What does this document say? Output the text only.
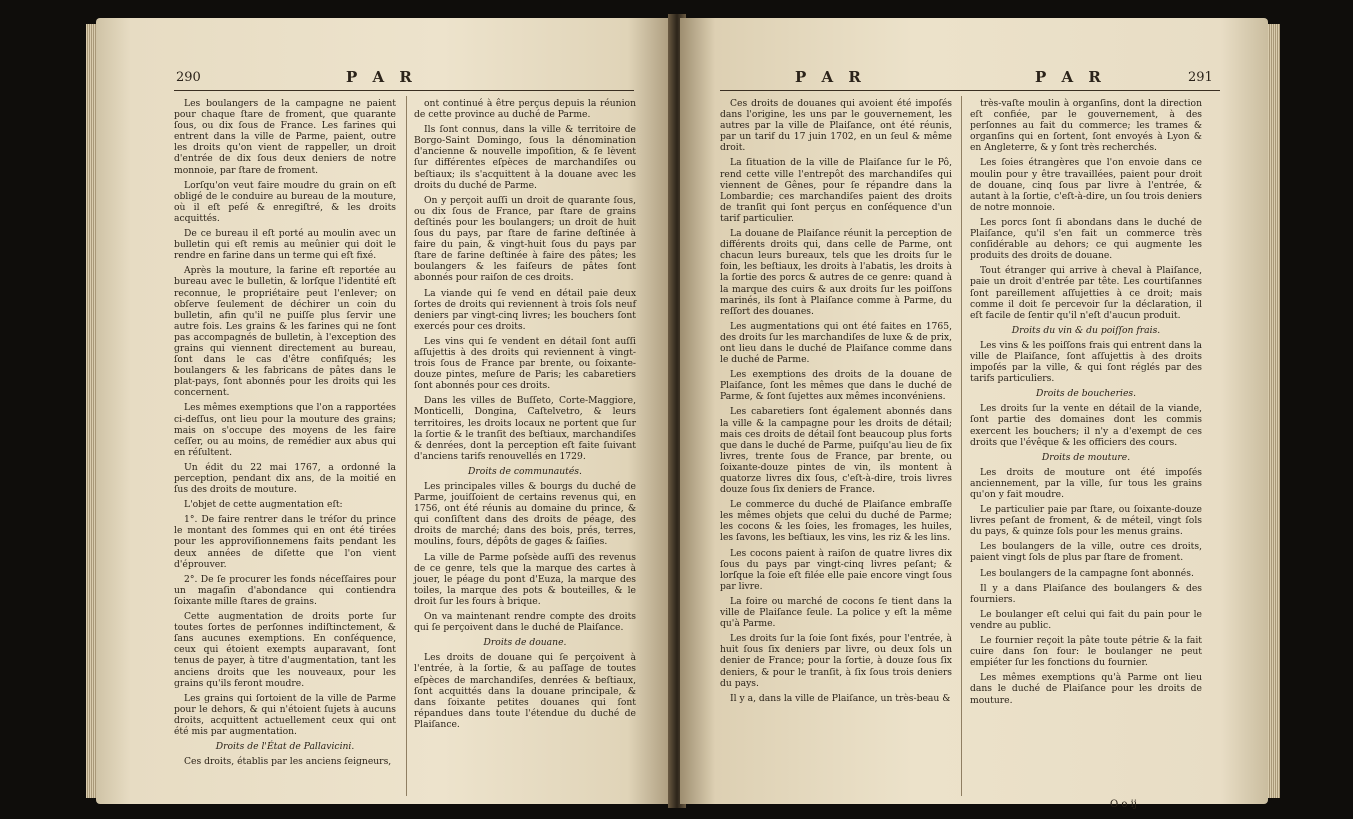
290	P A R

Les boulangers de la campagne ne paient pour chaque ſtare de froment, que quarante ſous, ou dix ſous de France. Les farines qui entrent dans la ville de Parme, paient, outre les droits qu'on vient de rappeller, un droit d'entrée de dix ſous deux deniers de notre monnoie, par ſtare de froment.

Lorſqu'on veut faire moudre du grain on eſt obligé de le conduire au bureau de la mouture, où il eſt peſé & enregiſtré, & les droits acquittés.

De ce bureau il eſt porté au moulin avec un bulletin qui eſt remis au meûnier qui doit le rendre en farine dans un terme qui eſt fixé.

Après la mouture, la farine eſt reportée au bureau avec le bulletin, & lorſque l'identité eſt reconnue, le propriétaire peut l'enlever; on obſerve ſeulement de déchirer un coin du bulletin, afin qu'il ne puiſſe plus ſervir une autre fois. Les grains & les farines qui ne ſont pas accompagnés de bulletin, à l'exception des grains qui viennent directement au bureau, ſont dans le cas d'être confiſqués; les boulangers & les fabricans de pâtes dans le plat-pays, ſont abonnés pour les droits qui les concernent.

Les mêmes exemptions que l'on a rapportées ci-deſſus, ont lieu pour la mouture des grains; mais on s'occupe des moyens de les faire ceſſer, ou au moins, de remédier aux abus qui en réſultent.

Un édit du 22 mai 1767, a ordonné la perception, pendant dix ans, de la moitié en ſus des droits de mouture.

L'objet de cette augmentation eſt:

1°. De faire rentrer dans le tréſor du prince le montant des ſommes qui en ont été tirées pour les approviſionnemens faits pendant les deux années de diſette que l'on vient d'éprouver.

2°. De ſe procurer les fonds néceſſaires pour un magaſin d'abondance qui contiendra ſoixante mille ſtares de grains.

Cette augmentation de droits porte ſur toutes ſortes de perſonnes indiſtinctement, & ſans aucunes exemptions. En conſéquence, ceux qui étoient exempts auparavant, ſont tenus de payer, à titre d'augmentation, tant les anciens droits que les nouveaux, pour les grains qu'ils feront moudre.

Les grains qui ſortoient de la ville de Parme pour le dehors, & qui n'étoient ſujets à aucuns droits, acquittent actuellement ceux qui ont été mis par augmentation.

Droits de l'État de Pallavicini.

Ces droits, établis par les anciens ſeigneurs,

ont continué à être perçus depuis la réunion de cette province au duché de Parme.

Ils ſont connus, dans la ville & territoire de Borgo-Saint Domingo, ſous la dénomination d'ancienne & nouvelle impoſition, & ſe lèvent ſur différentes eſpèces de marchandiſes ou beſtiaux; ils s'acquittent à la douane avec les droits du duché de Parme.

On y perçoit auſſi un droit de quarante ſous, ou dix ſous de France, par ſtare de grains deſtinés pour les boulangers; un droit de huit ſous du pays, par ſtare de farine deſtinée à faire du pain, & vingt-huit ſous du pays par ſtare de farine deſtinée à faire des pâtes; les boulangers & les faiſeurs de pâtes ſont abonnés pour raiſon de ces droits.

La viande qui ſe vend en détail paie deux ſortes de droits qui reviennent à trois ſols neuf deniers par vingt-cinq livres; les bouchers ſont exercés pour ces droits.

Les vins qui ſe vendent en détail ſont auſſi aſſujettis à des droits qui reviennent à vingt-trois ſous de France par brente, ou ſoixante-douze pintes, meſure de Paris; les cabaretiers ſont abonnés pour ces droits.

Dans les villes de Buſſeto, Corte-Maggiore, Monticelli, Dongina, Caſtelvetro, & leurs territoires, les droits locaux ne portent que ſur la ſortie & le tranſit des beſtiaux, marchandiſes & denrées, dont la perception eſt faite ſuivant d'anciens tarifs renouvellés en 1729.

Droits de communautés.

Les principales villes & bourgs du duché de Parme, jouiſſoient de certains revenus qui, en 1756, ont été réunis au domaine du prince, & qui conſiſtent dans des droits de péage, des droits de marché; dans des bois, prés, terres, moulins, fours, dépôts de gages & ſaiſies.

La ville de Parme poſsède auſſi des revenus de ce genre, tels que la marque des cartes à jouer, le péage du pont d'Euza, la marque des toiles, la marque des pots & bouteilles, & le droit ſur les fours à brique.

On va maintenant rendre compte des droits qui ſe perçoivent dans le duché de Plaiſance.

Droits de douane.

Les droits de douane qui ſe perçoivent à l'entrée, à la ſortie, & au paſſage de toutes eſpèces de marchandiſes, denrées & beſtiaux, ſont acquittés dans la douane principale, & dans ſoixante petites douanes qui ſont répandues dans toute l'étendue du duché de Plaiſance.

P A R	P A R	291

Ces droits de douanes qui avoient été impoſés dans l'origine, les uns par le gouvernement, les autres par la ville de Plaiſance, ont été réunis, par un tarif du 17 juin 1702, en un ſeul & même droit.

La ſituation de la ville de Plaiſance ſur le Pô, rend cette ville l'entrepôt des marchandiſes qui viennent de Gênes, pour ſe répandre dans la Lombardie; ces marchandiſes paient des droits de tranſit qui ſont perçus en conſéquence d'un tarif particulier.

La douane de Plaiſance réunit la perception de différents droits qui, dans celle de Parme, ont chacun leurs bureaux, tels que les droits ſur le foin, les beſtiaux, les droits à l'abatis, les droits à la ſortie des porcs & autres de ce genre: quand à la marque des cuirs & aux droits ſur les poiſſons marinés, ils ſont à Plaiſance comme à Parme, du reſſort des douanes.

Les augmentations qui ont été faites en 1765, des droits ſur les marchandiſes de luxe & de prix, ont lieu dans le duché de Plaiſance comme dans le duché de Parme.

Les exemptions des droits de la douane de Plaiſance, ſont les mêmes que dans le duché de Parme, & ſont ſujettes aux mêmes inconvéniens.

Les cabaretiers ſont également abonnés dans la ville & la campagne pour les droits de détail; mais ces droits de détail ſont beaucoup plus forts que dans le duché de Parme, puiſqu'au lieu de ſix livres, trente ſous de France, par brente, ou ſoixante-douze pintes de vin, ils montent à quatorze livres dix ſous, c'eſt-à-dire, trois livres douze ſous ſix deniers de France.

Le commerce du duché de Plaiſance embraſſe les mêmes objets que celui du duché de Parme; les cocons & les ſoies, les fromages, les huiles, les ſavons, les beſtiaux, les vins, les riz & les lins.

Les cocons paient à raiſon de quatre livres dix ſous du pays par vingt-cinq livres peſant; & lorſque la ſoie eſt filée elle paie encore vingt ſous par livre.

La foire ou marché de cocons ſe tient dans la ville de Plaiſance ſeule. La police y eſt la même qu'à Parme.

Les droits ſur la ſoie ſont fixés, pour l'entrée, à huit ſous ſix deniers par livre, ou deux ſols un denier de France; pour la ſortie, à douze ſous ſix deniers, & pour le tranſit, à ſix ſous trois deniers du pays.

Il y a, dans la ville de Plaiſance, un très-beau &

très-vaſte moulin à organſins, dont la direction eſt confiée, par le gouvernement, à des perſonnes au fait du commerce; les trames & organſins qui en ſortent, ſont envoyés à Lyon & en Angleterre, & y ſont très recherchés.

Les ſoies étrangères que l'on envoie dans ce moulin pour y être travaillées, paient pour droit de douane, cinq ſous par livre à l'entrée, & autant à la ſortie, c'eſt-à-dire, un ſou trois deniers de notre monnoie.

Les porcs ſont ſi abondans dans le duché de Plaiſance, qu'il s'en fait un commerce très conſidérable au dehors; ce qui augmente les produits des droits de douane.

Tout étranger qui arrive à cheval à Plaiſance, paie un droit d'entrée par tête. Les courtiſannes ſont pareillement aſſujetties à ce droit; mais comme il doit ſe percevoir ſur la déclaration, il eſt facile de ſentir qu'il n'eſt d'aucun produit.

Droits du vin & du poiſſon frais.

Les vins & les poiſſons frais qui entrent dans la ville de Plaiſance, ſont aſſujettis à des droits impoſés par la ville, & qui ſont réglés par des tarifs particuliers.

Droits de boucheries.

Les droits ſur la vente en détail de la viande, ſont partie des domaines dont les commis exercent les bouchers; il n'y a d'exempt de ces droits que l'évêque & les officiers des cours.

Droits de mouture.

Les droits de mouture ont été impoſés anciennement, par la ville, ſur tous les grains qu'on y fait moudre.

Le particulier paie par ſtare, ou ſoixante-douze livres peſant de froment, & de méteil, vingt ſols du pays, & quinze ſols pour les menus grains.

Les boulangers de la ville, outre ces droits, paient vingt ſols de plus par ſtare de froment.

Les boulangers de la campagne ſont abonnés.

Il y a dans Plaiſance des boulangers & des fourniers.

Le boulanger eſt celui qui fait du pain pour le vendre au public.

Le fournier reçoit la pâte toute pétrie & la fait cuire dans ſon four: le boulanger ne peut empiéter ſur les fonctions du fournier.

Les mêmes exemptions qu'à Parme ont lieu dans le duché de Plaiſance pour les droits de mouture.

O o ij
